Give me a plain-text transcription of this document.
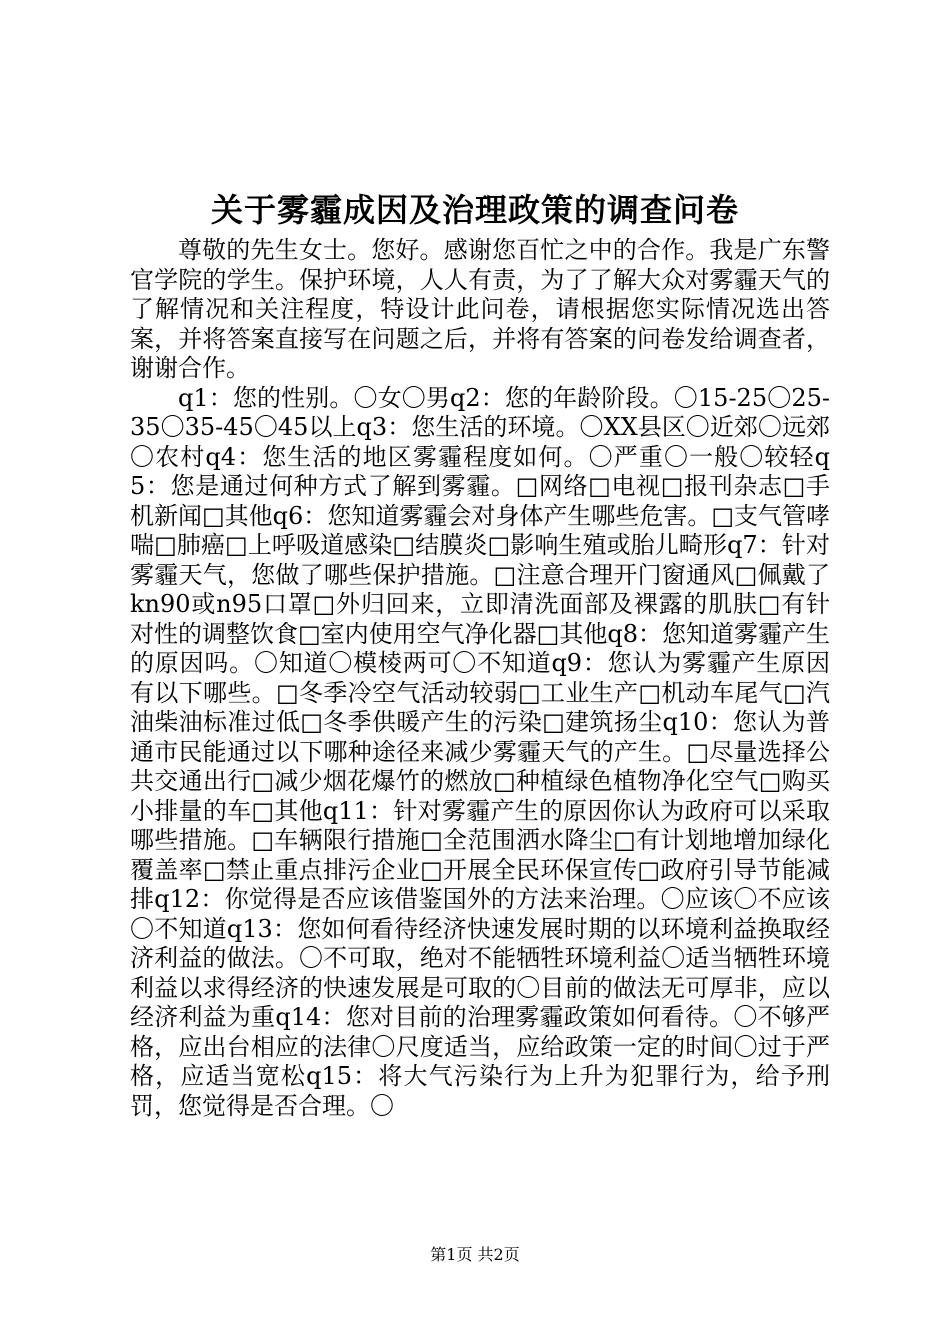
关于雾霾成因及治理政策的调查问卷

尊敬的先生女士。您好。感谢您百忙之中的合作。我是广东警官学院的学生。保护环境，人人有责，为了了解大众对雾霾天气的了解情况和关注程度，特设计此问卷，请根据您实际情况选出答案，并将答案直接写在问题之后，并将有答案的问卷发给调查者，谢谢合作。

q1：您的性别。〇女〇男q2：您的年龄阶段。〇15-25〇25-35〇35-45〇45以上q3：您生活的环境。〇XX县区〇近郊〇远郊〇农村q4：您生活的地区雾霾程度如何。〇严重〇一般〇较轻q5：您是通过何种方式了解到雾霾。□网络□电视□报刊杂志□手机新闻□其他q6：您知道雾霾会对身体产生哪些危害。□支气管哮喘□肺癌□上呼吸道感染□结膜炎□影响生殖或胎儿畸形q7：针对雾霾天气，您做了哪些保护措施。□注意合理开门窗通风□佩戴了kn90或n95口罩□外归回来，立即清洗面部及裸露的肌肤□有针对性的调整饮食□室内使用空气净化器□其他q8：您知道雾霾产生的原因吗。〇知道〇模棱两可〇不知道q9：您认为雾霾产生原因有以下哪些。□冬季冷空气活动较弱□工业生产□机动车尾气□汽油柴油标准过低□冬季供暖产生的污染□建筑扬尘q10：您认为普通市民能通过以下哪种途径来减少雾霾天气的产生。□尽量选择公共交通出行□减少烟花爆竹的燃放□种植绿色植物净化空气□购买小排量的车□其他q11：针对雾霾产生的原因你认为政府可以采取哪些措施。□车辆限行措施□全范围洒水降尘□有计划地增加绿化覆盖率□禁止重点排污企业□开展全民环保宣传□政府引导节能减排q12：你觉得是否应该借鉴国外的方法来治理。〇应该〇不应该〇不知道q13：您如何看待经济快速发展时期的以环境利益换取经济利益的做法。〇不可取，绝对不能牺牲环境利益〇适当牺牲环境利益以求得经济的快速发展是可取的〇目前的做法无可厚非，应以经济利益为重q14：您对目前的治理雾霾政策如何看待。〇不够严格，应出台相应的法律〇尺度适当，应给政策一定的时间〇过于严格，应适当宽松q15：将大气污染行为上升为犯罪行为，给予刑罚，您觉得是否合理。〇

第1页 共2页
